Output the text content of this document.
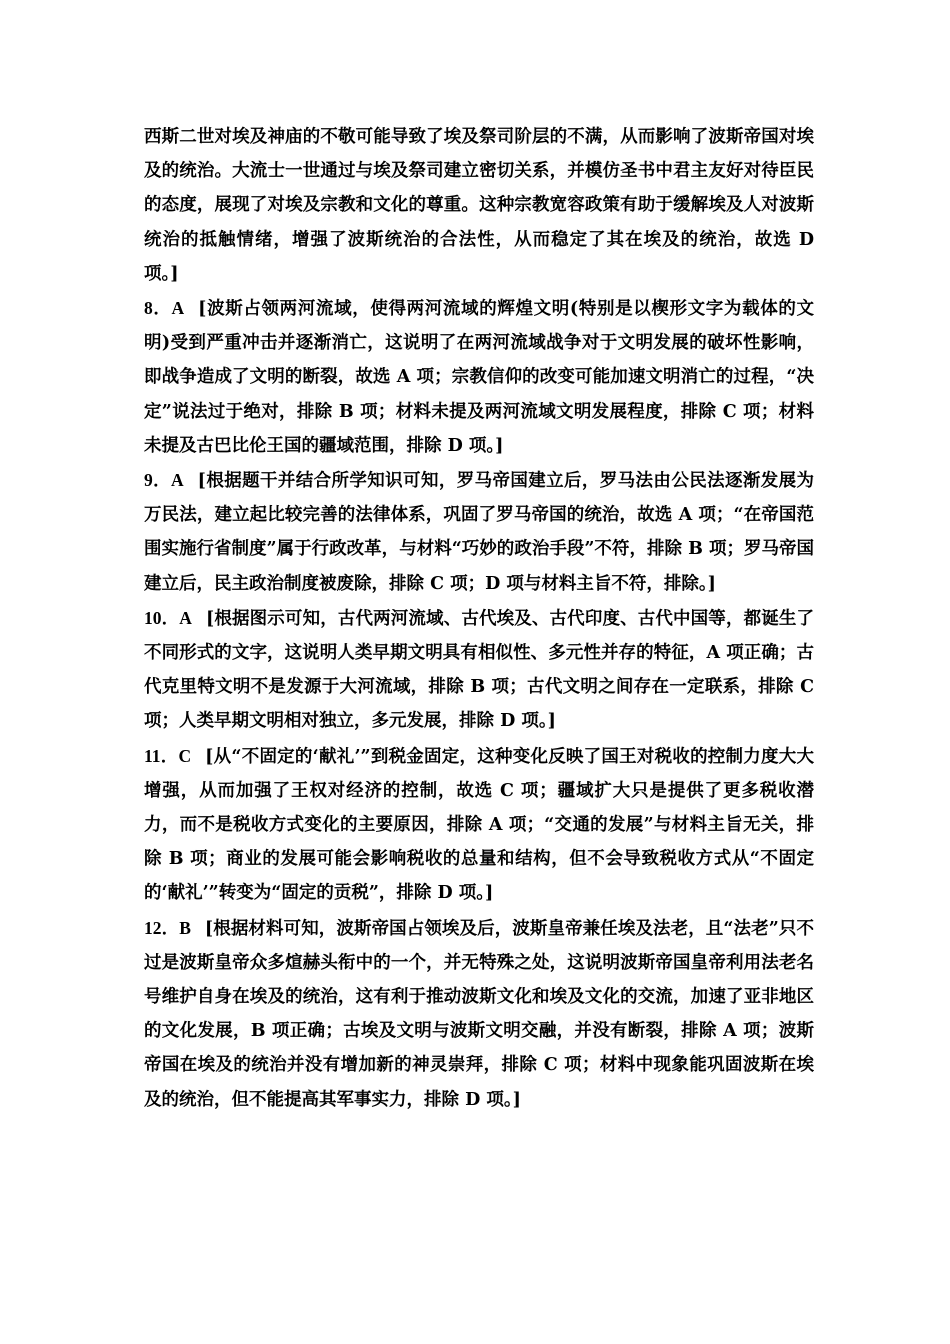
西斯二世对埃及神庙的不敬可能导致了埃及祭司阶层的不满，从而影响了波斯帝国对埃及的统治。大流士一世通过与埃及祭司建立密切关系，并模仿圣书中君主友好对待臣民的态度，展现了对埃及宗教和文化的尊重。这种宗教宽容政策有助于缓解埃及人对波斯统治的抵触情绪，增强了波斯统治的合法性，从而稳定了其在埃及的统治，故选 D 项。]

8．A [波斯占领两河流域，使得两河流域的辉煌文明(特别是以楔形文字为载体的文明)受到严重冲击并逐渐消亡，这说明了在两河流域战争对于文明发展的破坏性影响，即战争造成了文明的断裂，故选 A 项；宗教信仰的改变可能加速文明消亡的过程，“决定”说法过于绝对，排除 B 项；材料未提及两河流域文明发展程度，排除 C 项；材料未提及古巴比伦王国的疆域范围，排除 D 项。]

9．A [根据题干并结合所学知识可知，罗马帝国建立后，罗马法由公民法逐渐发展为万民法，建立起比较完善的法律体系，巩固了罗马帝国的统治，故选 A 项；“在帝国范围实施行省制度”属于行政改革，与材料“巧妙的政治手段”不符，排除 B 项；罗马帝国建立后，民主政治制度被废除，排除 C 项；D 项与材料主旨不符，排除。]

10．A [根据图示可知，古代两河流域、古代埃及、古代印度、古代中国等，都诞生了不同形式的文字，这说明人类早期文明具有相似性、多元性并存的特征，A 项正确；古代克里特文明不是发源于大河流域，排除 B 项；古代文明之间存在一定联系，排除 C 项；人类早期文明相对独立，多元发展，排除 D 项。]

11．C [从“不固定的‘献礼’”到税金固定，这种变化反映了国王对税收的控制力度大大增强，从而加强了王权对经济的控制，故选 C 项；疆域扩大只是提供了更多税收潜力，而不是税收方式变化的主要原因，排除 A 项；“交通的发展”与材料主旨无关，排除 B 项；商业的发展可能会影响税收的总量和结构，但不会导致税收方式从“不固定的‘献礼’”转变为“固定的贡税”，排除 D 项。]

12．B [根据材料可知，波斯帝国占领埃及后，波斯皇帝兼任埃及法老，且“法老”只不过是波斯皇帝众多煊赫头衔中的一个，并无特殊之处，这说明波斯帝国皇帝利用法老名号维护自身在埃及的统治，这有利于推动波斯文化和埃及文化的交流，加速了亚非地区的文化发展，B 项正确；古埃及文明与波斯文明交融，并没有断裂，排除 A 项；波斯帝国在埃及的统治并没有增加新的神灵崇拜，排除 C 项；材料中现象能巩固波斯在埃及的统治，但不能提高其军事实力，排除 D 项。]
